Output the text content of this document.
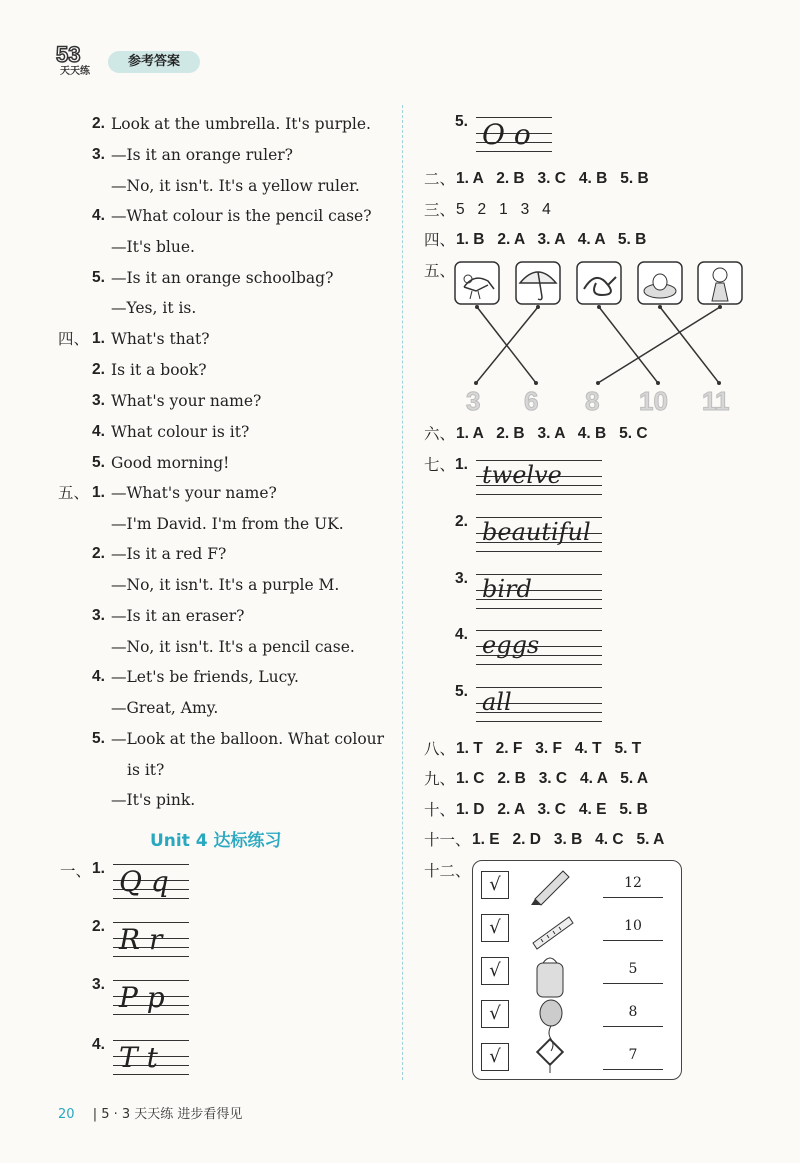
53
天天练
参考答案
2. Look at the umbrella. It's purple.
3. —Is it an orange ruler?
—No, it isn't. It's a yellow ruler.
4. —What colour is the pencil case?
—It's blue.
5. —Is it an orange schoolbag?
—Yes, it is.
四、 1. What's that?
2. Is it a book?
3. What's your name?
4. What colour is it?
5. Good morning!
五、 1. —What's your name?
—I'm David. I'm from the UK.
2. —Is it a red F?
—No, it isn't. It's a purple M.
3. —Is it an eraser?
—No, it isn't. It's a pencil case.
4. —Let's be friends, Lucy.
—Great, Amy.
5. —Look at the balloon. What colour
is it?
—It's pink.
Unit 4 达标练习
一、 Q q
1.
R r
2.
P p
3.
T t
4.
O o
5.
二、 1. A   2. B   3. C   4. B   5. B
三、 5   2   1   3   4
四、 1. B   2. A   3. A   4. A   5. B
六、 1. A   2. B   3. A   4. B   5. C
七、 twelve
1.
beautiful
2.
bird
3.
eggs
4.
all
5.
八、 1. T   2. F   3. F   4. T   5. T
九、 1. C   2. B   3. C   4. A   5. A
十、 1. D   2. A   3. C   4. E   5. B
十一、 1. E   2. D   3. B   4. C   5. A
五、
3 6 8 10 11
十二、
√
√
√
√
√
12
10
5
8
7
20 | 5 · 3 天天练 进步看得见
